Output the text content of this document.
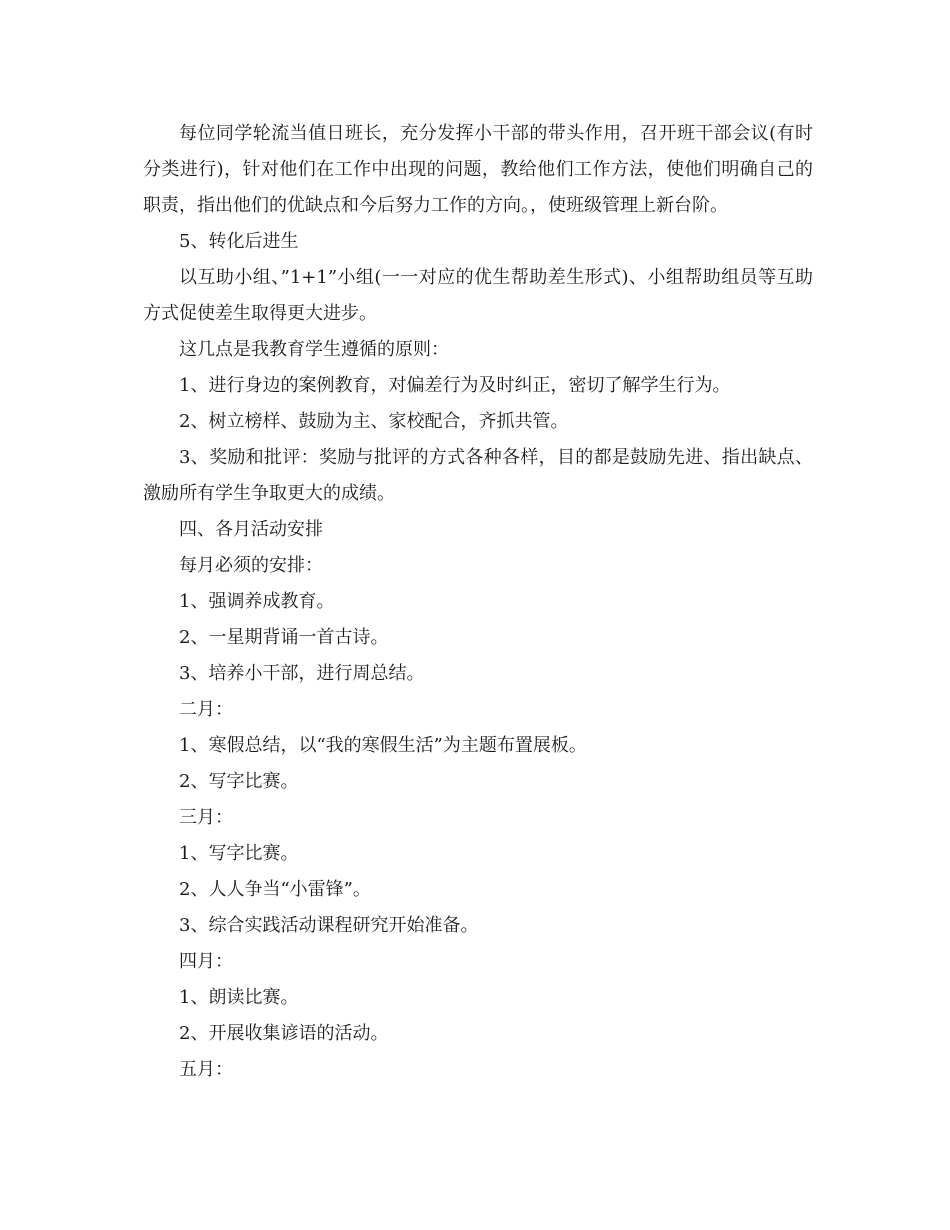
每位同学轮流当值日班长，充分发挥小干部的带头作用，召开班干部会议(有时分类进行)，针对他们在工作中出现的问题，教给他们工作方法，使他们明确自己的职责，指出他们的优缺点和今后努力工作的方向。，使班级管理上新台阶。

5、转化后进生

以互助小组、”1+1”小组(一一对应的优生帮助差生形式)、小组帮助组员等互助方式促使差生取得更大进步。

这几点是我教育学生遵循的原则：

1、进行身边的案例教育，对偏差行为及时纠正，密切了解学生行为。

2、树立榜样、鼓励为主、家校配合，齐抓共管。

3、奖励和批评：奖励与批评的方式各种各样，目的都是鼓励先进、指出缺点、激励所有学生争取更大的成绩。

四、各月活动安排

每月必须的安排：

1、强调养成教育。

2、一星期背诵一首古诗。

3、培养小干部，进行周总结。

二月：

1、寒假总结，以“我的寒假生活”为主题布置展板。

2、写字比赛。

三月：

1、写字比赛。

2、人人争当“小雷锋”。

3、综合实践活动课程研究开始准备。

四月：

1、朗读比赛。

2、开展收集谚语的活动。

五月：
